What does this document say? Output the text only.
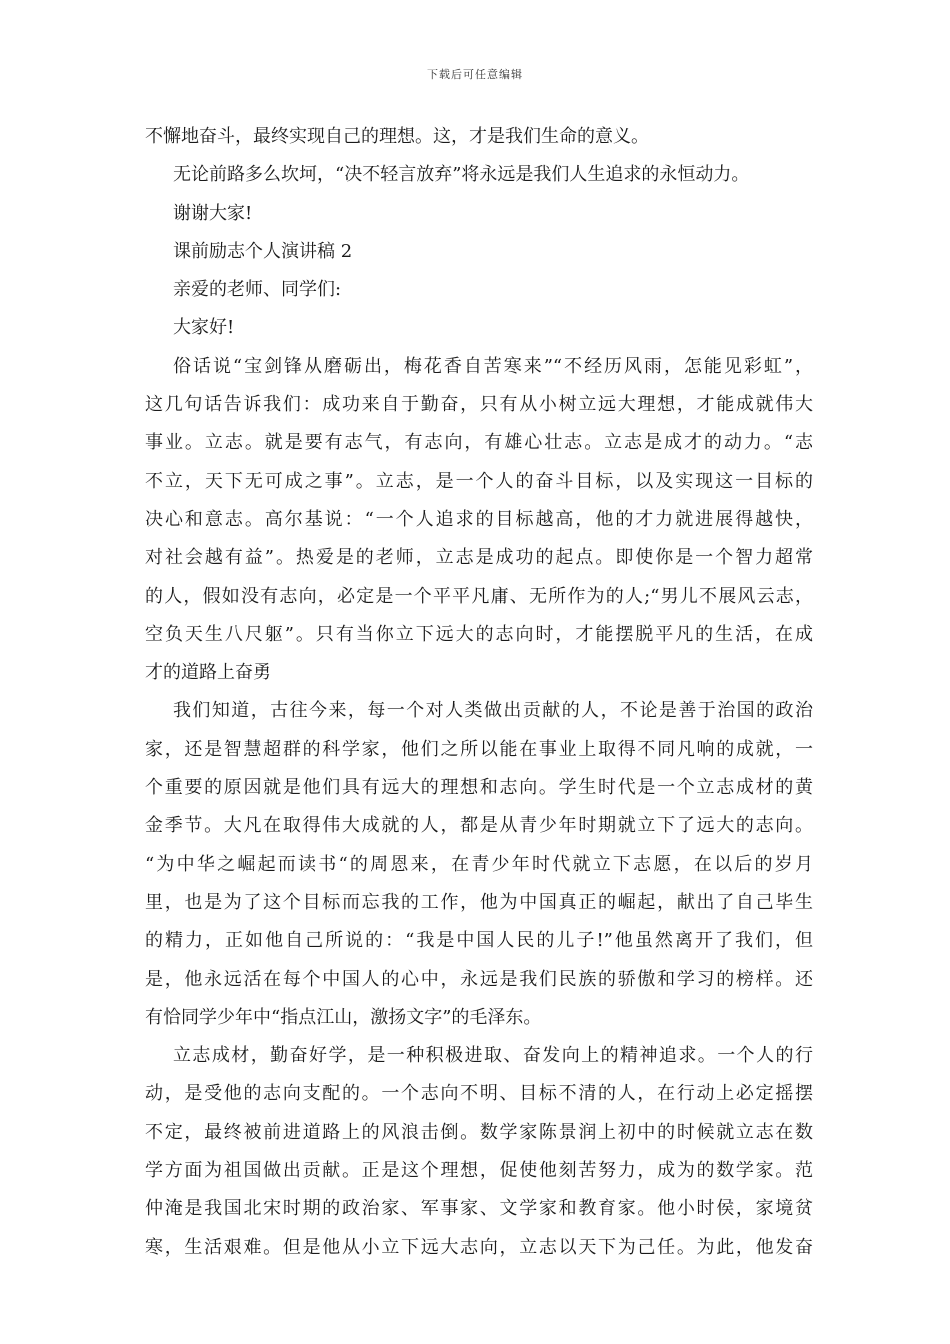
下载后可任意编辑
不懈地奋斗，最终实现自己的理想。这，才是我们生命的意义。
无论前路多么坎坷，“决不轻言放弃”将永远是我们人生追求的永恒动力。
谢谢大家!
课前励志个人演讲稿 2
亲爱的老师、同学们:
大家好!
俗话说“宝剑锋从磨砺出，梅花香自苦寒来”“不经历风雨，怎能见彩虹”，
这几句话告诉我们：成功来自于勤奋，只有从小树立远大理想，才能成就伟大
事业。立志。就是要有志气，有志向，有雄心壮志。立志是成才的动力。“志
不立，天下无可成之事”。立志，是一个人的奋斗目标，以及实现这一目标的
决心和意志。高尔基说：“一个人追求的目标越高，他的才力就进展得越快，
对社会越有益”。热爱是的老师，立志是成功的起点。即使你是一个智力超常
的人，假如没有志向，必定是一个平平凡庸、无所作为的人;“男儿不展风云志，
空负天生八尺躯”。只有当你立下远大的志向时，才能摆脱平凡的生活，在成
才的道路上奋勇
我们知道，古往今来，每一个对人类做出贡献的人，不论是善于治国的政治
家，还是智慧超群的科学家，他们之所以能在事业上取得不同凡响的成就，一
个重要的原因就是他们具有远大的理想和志向。学生时代是一个立志成材的黄
金季节。大凡在取得伟大成就的人，都是从青少年时期就立下了远大的志向。
“为中华之崛起而读书“的周恩来，在青少年时代就立下志愿，在以后的岁月
里，也是为了这个目标而忘我的工作，他为中国真正的崛起，献出了自己毕生
的精力，正如他自己所说的：“我是中国人民的儿子!”他虽然离开了我们，但
是，他永远活在每个中国人的心中，永远是我们民族的骄傲和学习的榜样。还
有恰同学少年中“指点江山，激扬文字”的毛泽东。
立志成材，勤奋好学，是一种积极进取、奋发向上的精神追求。一个人的行
动，是受他的志向支配的。一个志向不明、目标不清的人，在行动上必定摇摆
不定，最终被前进道路上的风浪击倒。数学家陈景润上初中的时候就立志在数
学方面为祖国做出贡献。正是这个理想，促使他刻苦努力，成为的数学家。范
仲淹是我国北宋时期的政治家、军事家、文学家和教育家。他小时侯，家境贫
寒，生活艰难。但是他从小立下远大志向，立志以天下为己任。为此，他发奋
